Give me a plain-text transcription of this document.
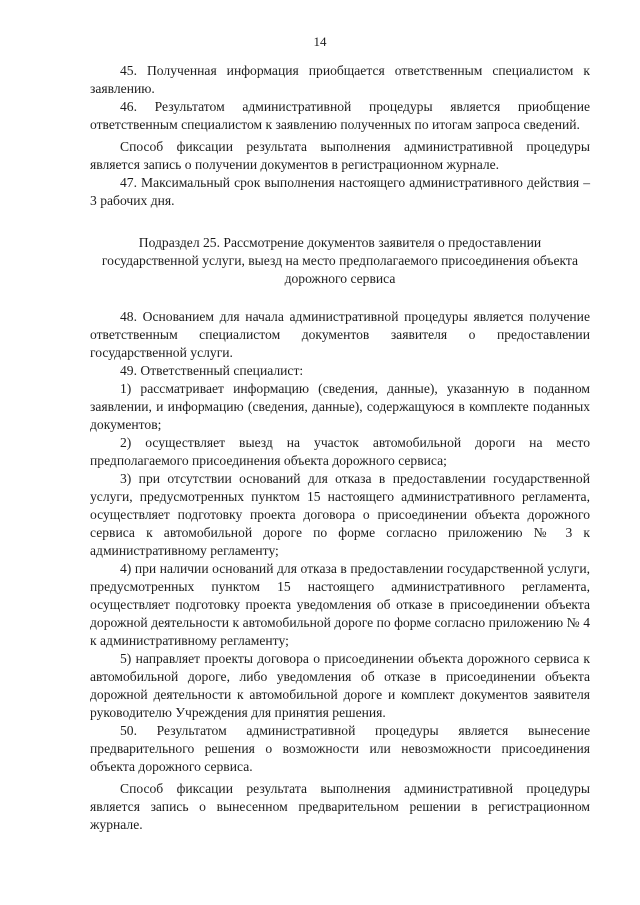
14

45. Полученная информация приобщается ответственным специалистом к заявлению.

46. Результатом административной процедуры является приобщение ответственным специалистом к заявлению полученных по итогам запроса сведений.

Способ фиксации результата выполнения административной процедуры является запись о получении документов в регистрационном журнале.

47. Максимальный срок выполнения настоящего административного действия – 3 рабочих дня.

Подраздел 25. Рассмотрение документов заявителя о предоставлении государственной услуги, выезд на место предполагаемого присоединения объекта дорожного сервиса

48. Основанием для начала административной процедуры является получение ответственным специалистом документов заявителя о предоставлении государственной услуги.

49. Ответственный специалист:

1) рассматривает информацию (сведения, данные), указанную в поданном заявлении, и информацию (сведения, данные), содержащуюся в комплекте поданных документов;

2) осуществляет выезд на участок автомобильной дороги на место предполагаемого присоединения объекта дорожного сервиса;

3) при отсутствии оснований для отказа в предоставлении государственной услуги, предусмотренных пунктом 15 настоящего административного регламента, осуществляет подготовку проекта договора о присоединении объекта дорожного сервиса к автомобильной дороге по форме согласно приложению № 3 к административному регламенту;

4) при наличии оснований для отказа в предоставлении государственной услуги, предусмотренных пунктом 15 настоящего административного регламента, осуществляет подготовку проекта уведомления об отказе в присоединении объекта дорожной деятельности к автомобильной дороге по форме согласно приложению № 4 к административному регламенту;

5) направляет проекты договора о присоединении объекта дорожного сервиса к автомобильной дороге, либо уведомления об отказе в присоединении объекта дорожной деятельности к автомобильной дороге и комплект документов заявителя руководителю Учреждения для принятия решения.

50. Результатом административной процедуры является вынесение предварительного решения о возможности или невозможности присоединения объекта дорожного сервиса.

Способ фиксации результата выполнения административной процедуры является запись о вынесенном предварительном решении в регистрационном журнале.
